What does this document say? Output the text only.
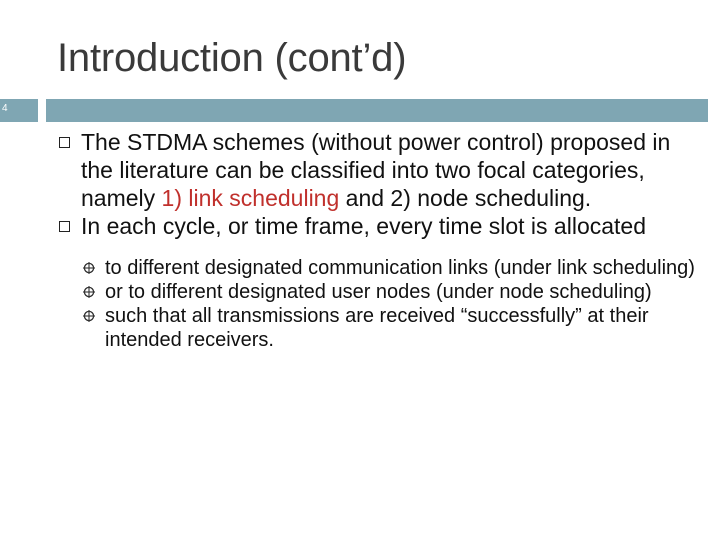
Introduction (cont’d)
4
The STDMA schemes (without power control) proposed in the literature can be classified into two focal categories, namely 1) link scheduling and 2) node scheduling.
In each cycle, or time frame, every time slot is allocated
to different designated communication links (under link scheduling)
or to different designated user nodes (under node scheduling)
such that all transmissions are received “successfully” at their intended receivers.
